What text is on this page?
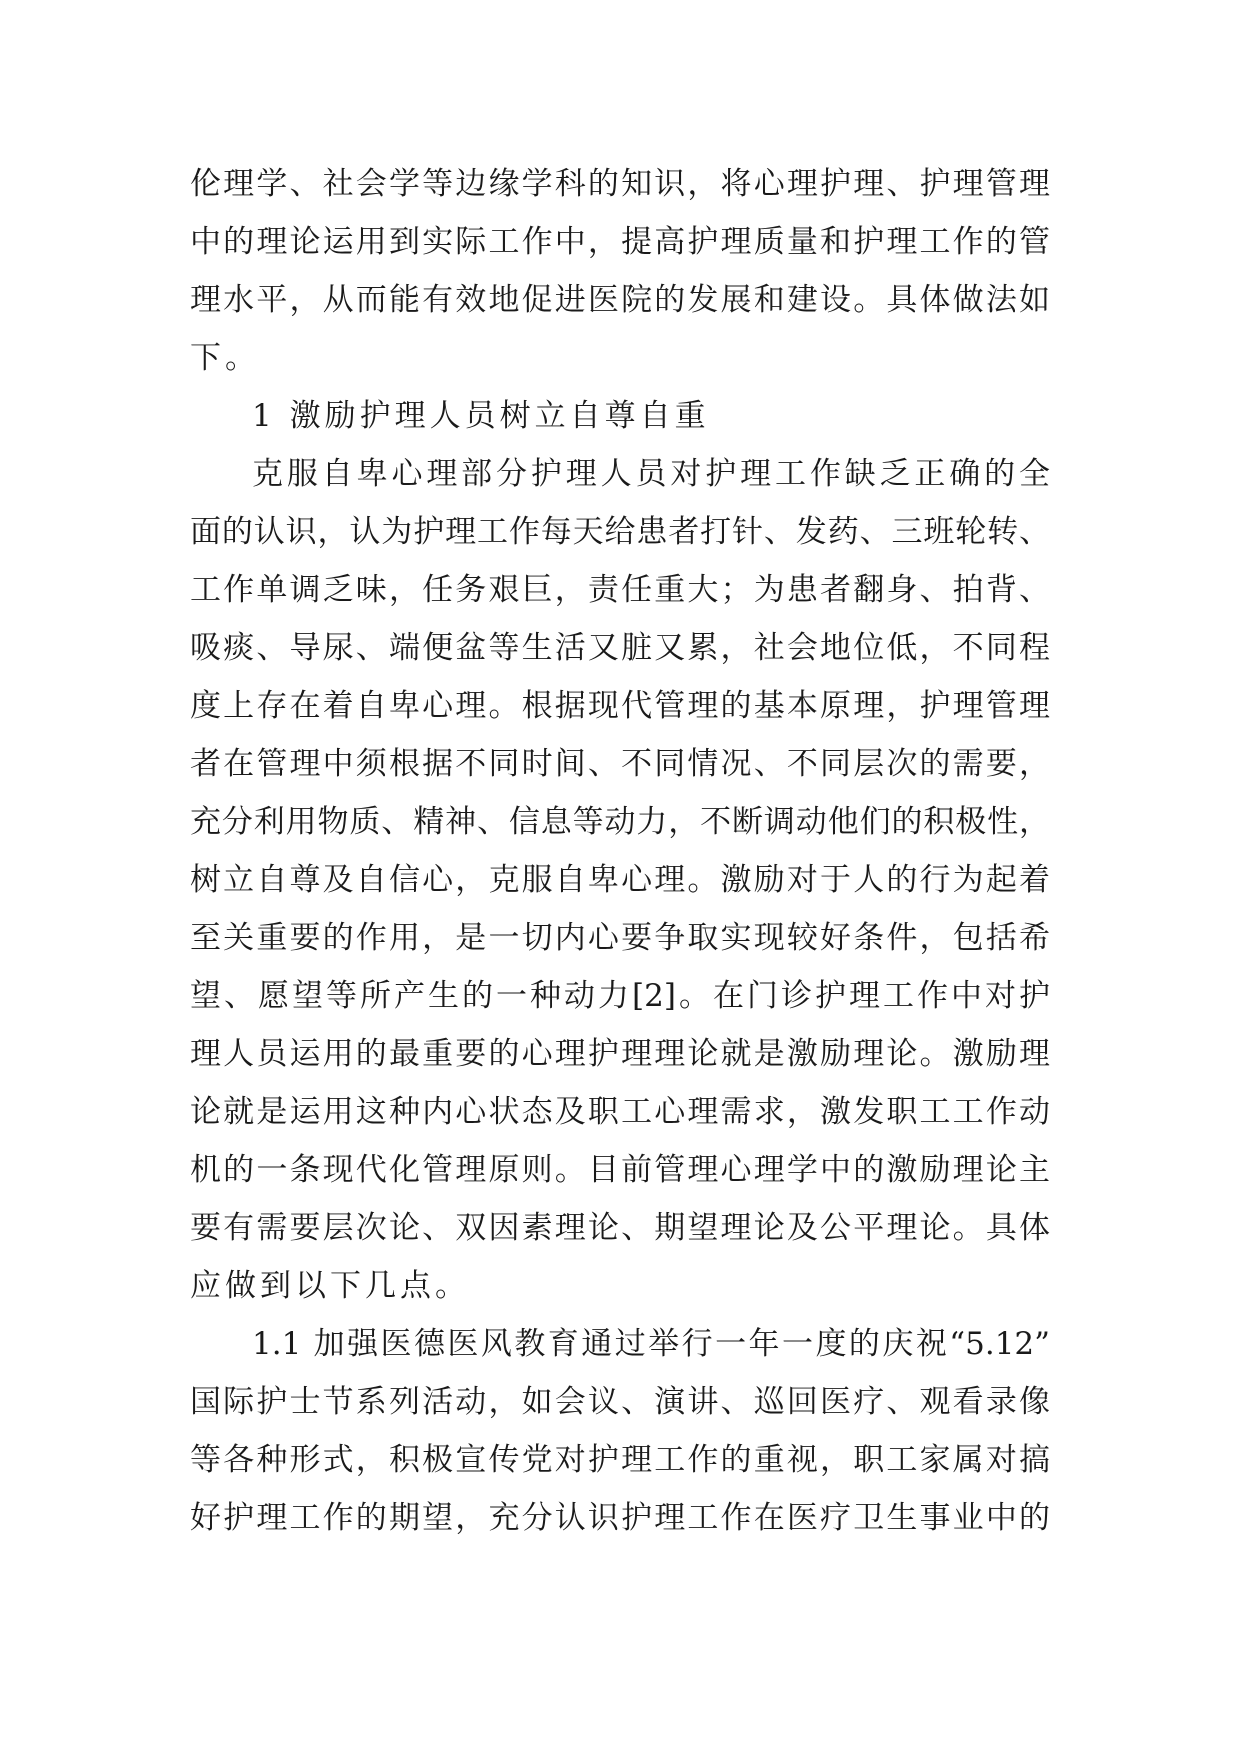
伦理学、社会学等边缘学科的知识，将心理护理、护理管理
中的理论运用到实际工作中，提高护理质量和护理工作的管
理水平，从而能有效地促进医院的发展和建设。具体做法如
下。
1 激励护理人员树立自尊自重
克服自卑心理部分护理人员对护理工作缺乏正确的全
面的认识，认为护理工作每天给患者打针、发药、三班轮转、
工作单调乏味，任务艰巨，责任重大；为患者翻身、拍背、
吸痰、导尿、端便盆等生活又脏又累，社会地位低，不同程
度上存在着自卑心理。根据现代管理的基本原理，护理管理
者在管理中须根据不同时间、不同情况、不同层次的需要，
充分利用物质、精神、信息等动力，不断调动他们的积极性，
树立自尊及自信心，克服自卑心理。激励对于人的行为起着
至关重要的作用，是一切内心要争取实现较好条件，包括希
望、愿望等所产生的一种动力[2]。在门诊护理工作中对护
理人员运用的最重要的心理护理理论就是激励理论。激励理
论就是运用这种内心状态及职工心理需求，激发职工工作动
机的一条现代化管理原则。目前管理心理学中的激励理论主
要有需要层次论、双因素理论、期望理论及公平理论。具体
应做到以下几点。
1.1 加强医德医风教育通过举行一年一度的庆祝“5.12”
国际护士节系列活动，如会议、演讲、巡回医疗、观看录像
等各种形式，积极宣传党对护理工作的重视，职工家属对搞
好护理工作的期望，充分认识护理工作在医疗卫生事业中的
